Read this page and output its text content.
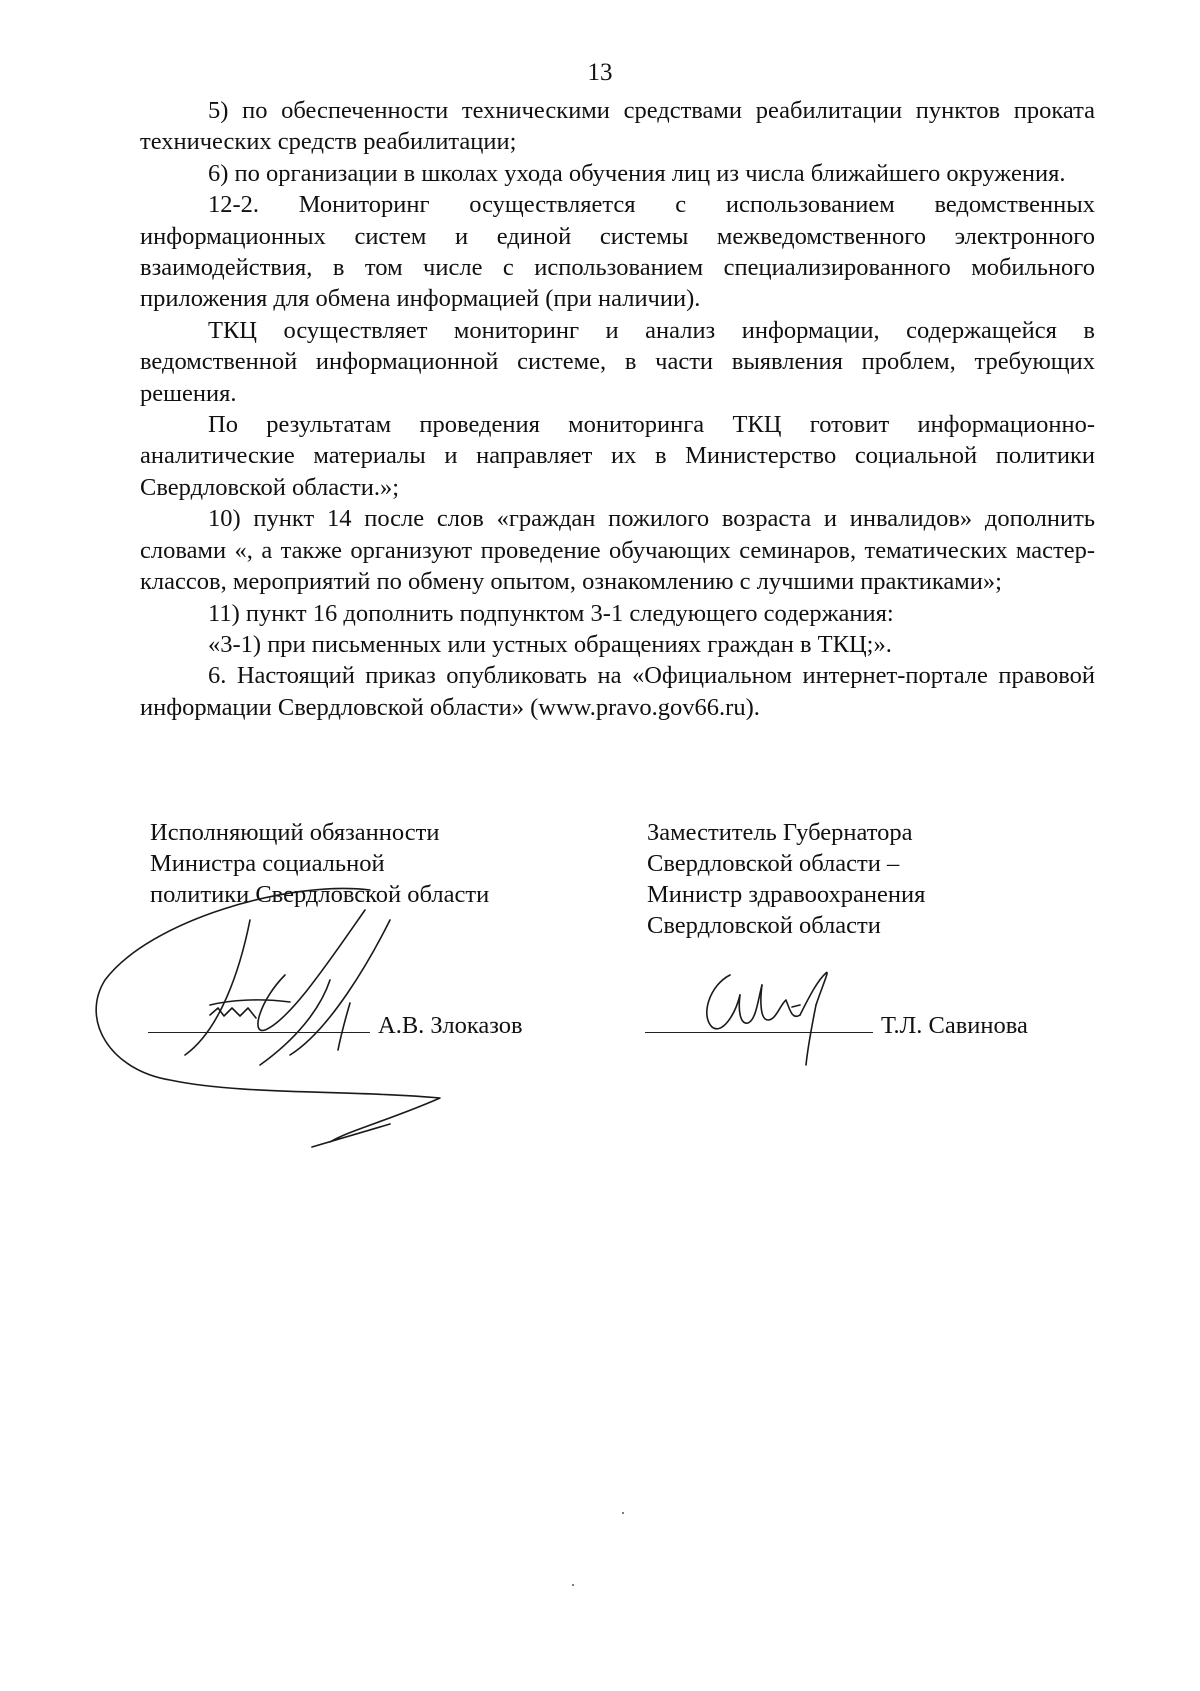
13

5) по обеспеченности техническими средствами реабилитации пунктов проката технических средств реабилитации;

6) по организации в школах ухода обучения лиц из числа ближайшего окружения.

12-2. Мониторинг осуществляется с использованием ведомственных информационных систем и единой системы межведомственного электронного взаимодействия, в том числе с использованием специализированного мобильного приложения для обмена информацией (при наличии).

ТКЦ осуществляет мониторинг и анализ информации, содержащейся в ведомственной информационной системе, в части выявления проблем, требующих решения.

По результатам проведения мониторинга ТКЦ готовит информационно-аналитические материалы и направляет их в Министерство социальной политики Свердловской области.»;

10) пункт 14 после слов «граждан пожилого возраста и инвалидов» дополнить словами «, а также организуют проведение обучающих семинаров, тематических мастер-классов, мероприятий по обмену опытом, ознакомлению с лучшими практиками»;

11) пункт 16 дополнить подпунктом 3-1 следующего содержания:

«3-1) при письменных или устных обращениях граждан в ТКЦ;».

6. Настоящий приказ опубликовать на «Официальном интернет-портале правовой информации Свердловской области» (www.pravo.gov66.ru).

Исполняющий обязанности
Министра социальной
политики Свердловской области
А.В. Злоказов
Заместитель Губернатора
Свердловской области –
Министр здравоохранения
Свердловской области
Т.Л. Савинова
